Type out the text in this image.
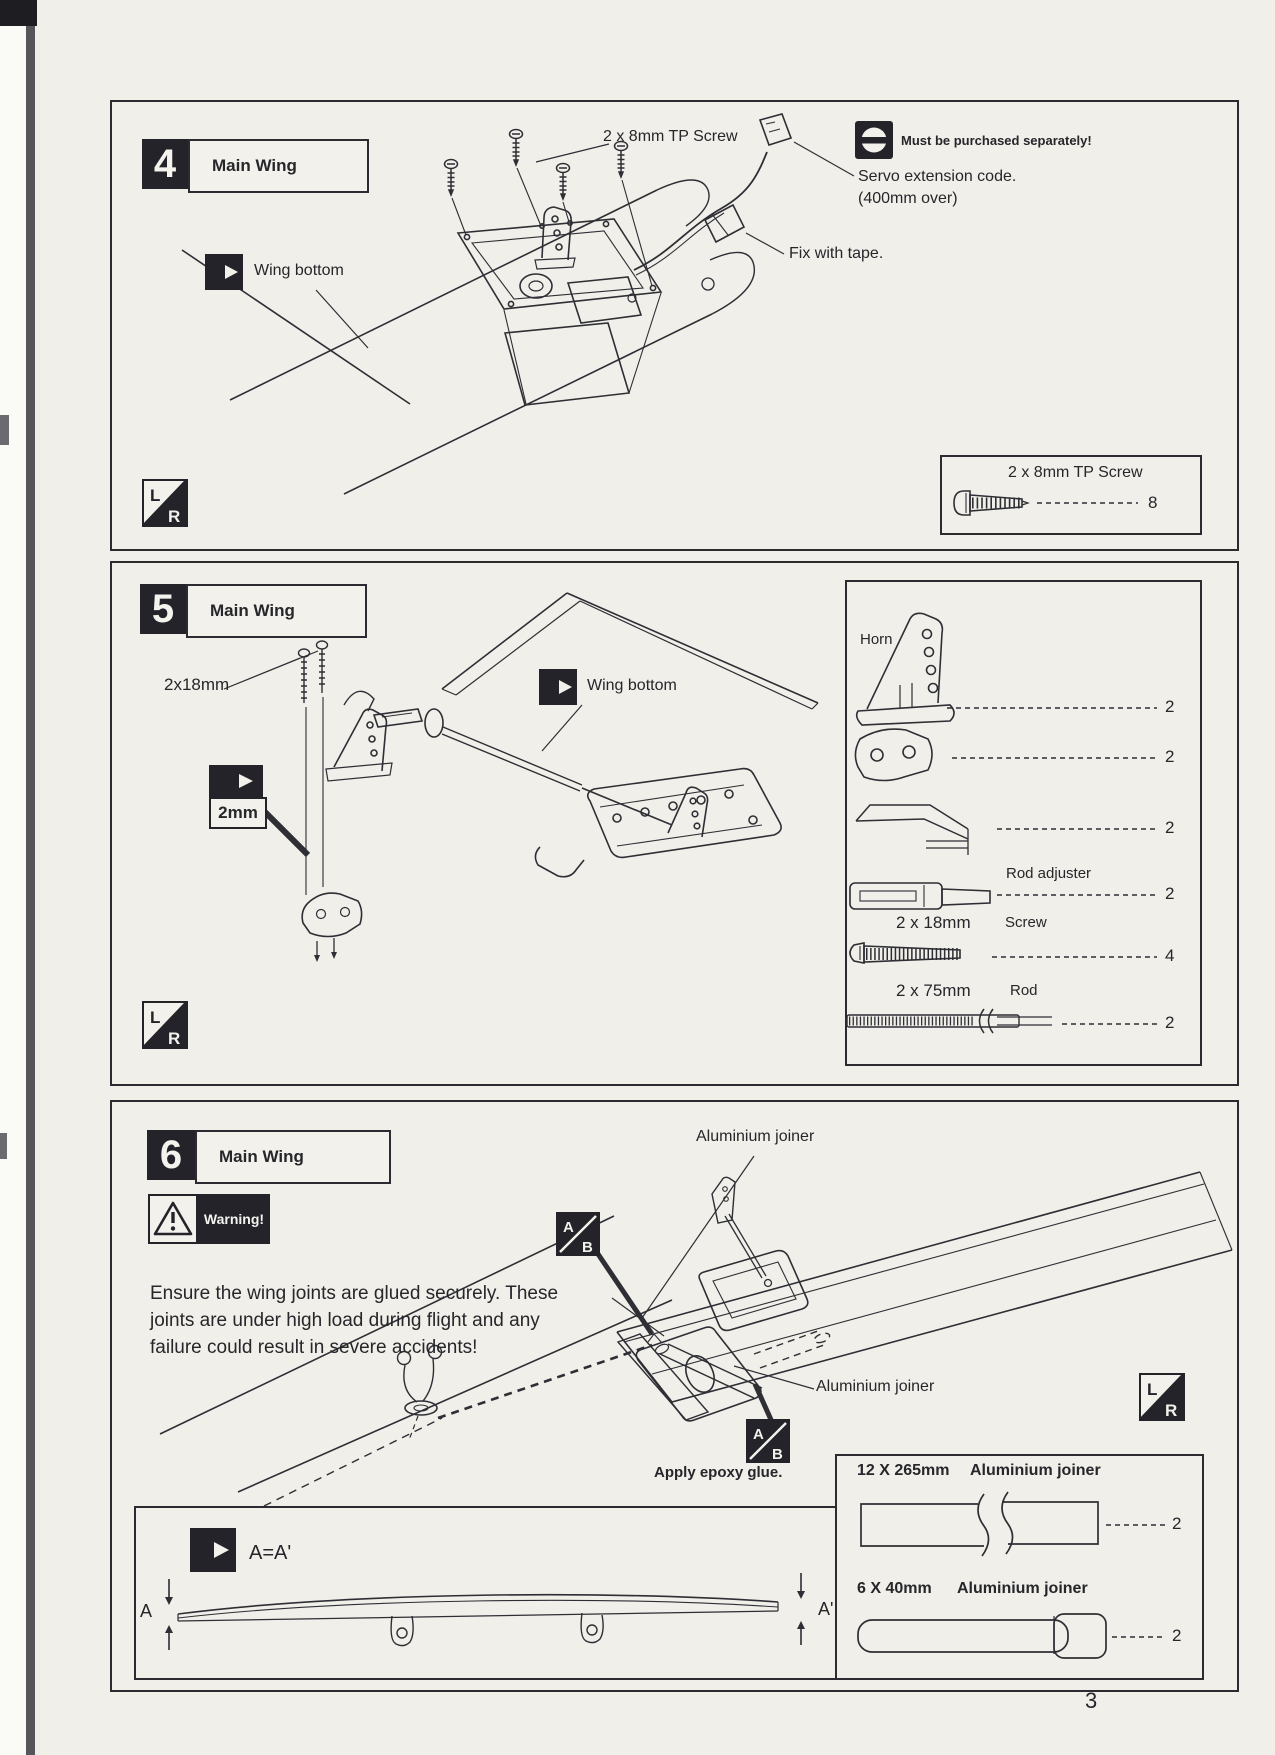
4 Main Wing
2 x 8mm TP Screw	Must be purchased separately!
Servo extension code.
(400mm over)
Fix with tape.
Wing bottom
L
R
2 x 8mm TP Screw
8
5 Main Wing
2x18mm
2mm
Wing bottom
L
R
Horn
2
2
2
Rod adjuster
2
2 x 18mm Screw
4
2 x 75mm	Rod
2
6 Main Wing
Warning!
Ensure the wing joints are glued securely. These
joints are under high load during flight and any
failure could result in severe accidents!
Aluminium joiner
Aluminium joiner
Apply epoxy glue.
A
B
A
B
L
R
A=A'
A	A'
12 X 265mm Aluminium joiner
2
6 X 40mm Aluminium joiner
2
3
